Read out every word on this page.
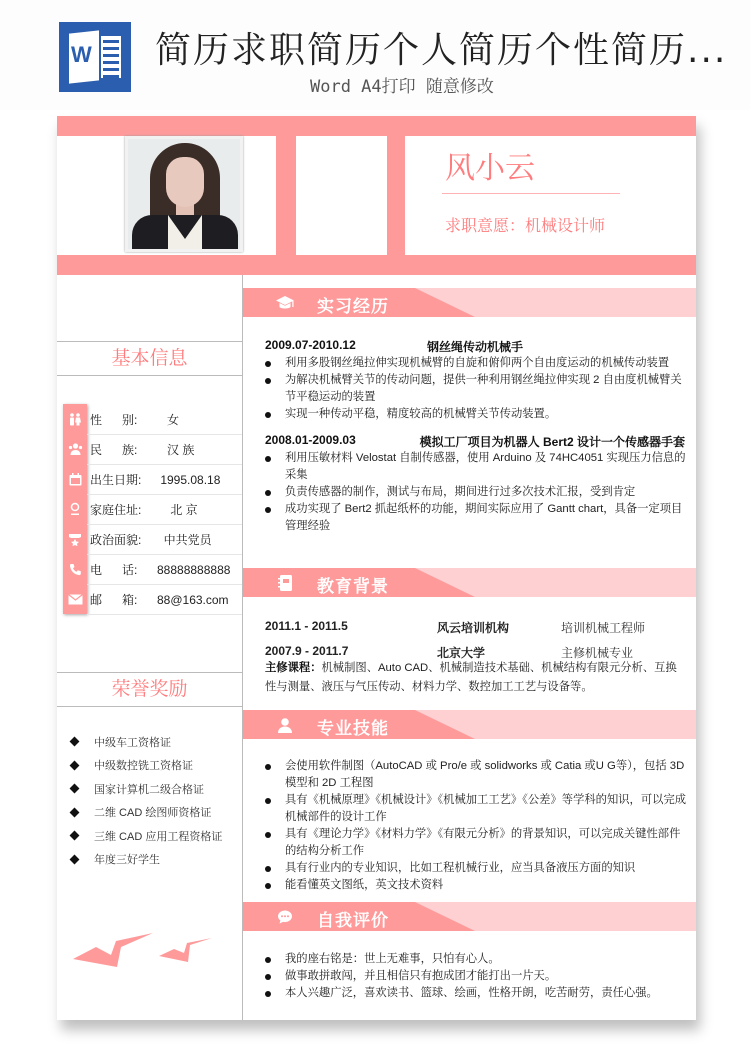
W 简历求职简历个人简历个性简历...
Word A4打印 随意修改
风小云
求职意愿：机械设计师
基本信息
性      别:	女
民      族:	汉 族
出生日期:	1995.08.18
家庭住址:	北 京
政治面貌:	中共党员
电      话:	88888888888
邮      箱:	88@163.com
荣誉奖励
中级车工资格证
中级数控铣工资格证
国家计算机二级合格证
二维 CAD 绘图师资格证
三维 CAD 应用工程资格证
年度三好学生
实习经历
2009.07-2010.12	钢丝绳传动机械手
利用多股钢丝绳拉伸实现机械臂的自旋和俯仰两个自由度运动的机械传动装置
为解决机械臂关节的传动问题，提供一种利用钢丝绳拉伸实现 2 自由度机械臂关节平稳运动的装置
实现一种传动平稳，精度较高的机械臂关节传动装置。
2008.01-2009.03	模拟工厂项目为机器人 Bert2 设计一个传感器手套
利用压敏材料 Velostat 自制传感器，使用 Arduino 及 74HC4051 实现压力信息的采集
负责传感器的制作，测试与布局，期间进行过多次技术汇报，受到肯定
成功实现了 Bert2 抓起纸杯的功能，期间实际应用了 Gantt chart，具备一定项目管理经验
教育背景
2011.1 - 2011.5	风云培训机构	培训机械工程师
2007.9 - 2011.7	北京大学	主修机械专业
主修课程：机械制图、Auto CAD、机械制造技术基础、机械结构有限元分析、互换性与测量、液压与气压传动、材料力学、数控加工工艺与设备等。
专业技能
会使用软件制图（AutoCAD 或 Pro/e 或 solidworks 或 Catia 或U G等），包括 3D 模型和 2D 工程图
具有《机械原理》《机械设计》《机械加工工艺》《公差》等学科的知识，可以完成机械部件的设计工作
具有《理论力学》《材料力学》《有限元分析》的背景知识，可以完成关键性部件的结构分析工作
具有行业内的专业知识，比如工程机械行业，应当具备液压方面的知识
能看懂英文图纸，英文技术资料
自我评价
我的座右铭是：世上无难事，只怕有心人。
做事敢拼敢闯，并且相信只有抱成团才能打出一片天。
本人兴趣广泛，喜欢读书、篮球、绘画，性格开朗，吃苦耐劳，责任心强。
